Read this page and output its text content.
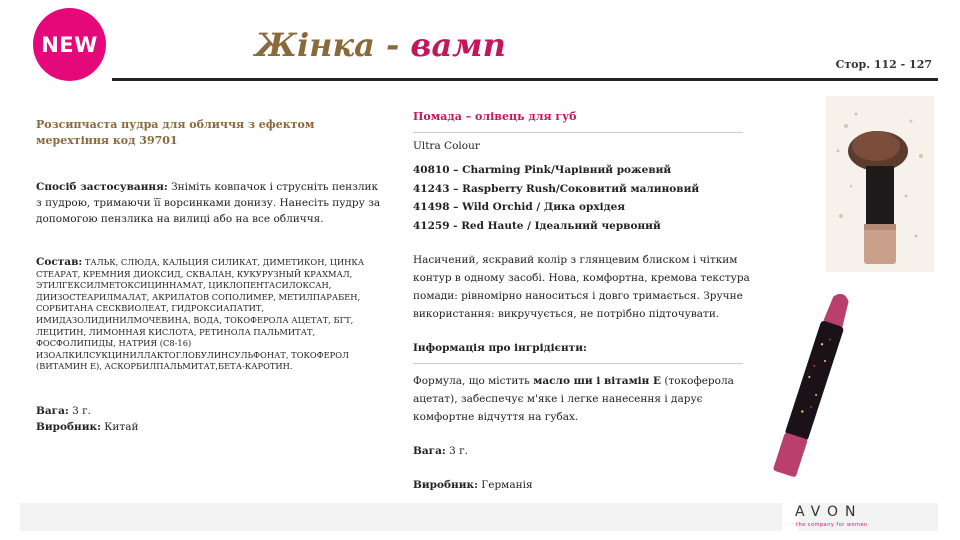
NEW	Жінка - вамп
Стор. 112 - 127
Розсипчаста пудра для обличчя з ефектом мерехтіння код 39701
Спосіб застосування: Зніміть ковпачок і струсніть пензлик з пудрою, тримаючи її ворсинками донизу. Нанесіть пудру за допомогою пензлика на вилиці або на все обличчя.
Состав: ТАЛЬК, СЛЮДА, КАЛЬЦИЯ СИЛИКАТ, ДИМЕТИКОН, ЦИНКА СТЕАРАТ, КРЕМНИЯ ДИОКСИД, СКВАЛАН, КУКУРУЗНЫЙ КРАХМАЛ, ЭТИЛГЕКСИЛМЕТОКСИЦИННАМАТ, ЦИКЛОПЕНТАСИЛОКСАН, ДИИЗОСТЕАРИЛМАЛАТ, АКРИЛАТОВ СОПОЛИМЕР, МЕТИЛПАРАБЕН, СОРБИТАНА СЕСКВИОЛЕАТ, ГИДРОКСИАПАТИТ, ИМИДАЗОЛИДИНИЛМОЧЕВИНА, ВОДА, ТОКОФЕРОЛА АЦЕТАТ, БГТ, ЛЕЦИТИН, ЛИМОННАЯ КИСЛОТА, РЕТИНОЛА ПАЛЬМИТАТ, ФОСФОЛИПИДЫ, НАТРИЯ (C8-16) ИЗОАЛКИЛСУКЦИНИЛЛАКТОГЛОБУЛИНСУЛЬФОНАТ, ТОКОФЕРОЛ (ВИТАМИН E), АСКОРБИЛПАЛЬМИТАТ,БЕТА-КАРОТИН.
Вага: 3 г.
Виробник: Китай
Помада – олівець для губ
Ultra Colour
40810 – Charming Pink/Чарівний рожевий
41243 – Raspberry Rush/Соковитий малиновий
41498 – Wild Orchid / Дика орхідея
41259 - Red Haute / Ідеальний червоний
Насичений, яскравий колір з глянцевим блиском і чітким контур в одному засобі. Нова, комфортна, кремова текстура помади: рівномірно наноситься і довго тримається. Зручне використання: викручується, не потрібно підточувати.
Інформація про інгрідієнти:
Формула, що містить масло ши і вітамін Е (токоферола ацетат), забеспечує м'яке і легке нанесення і дарує комфортне відчуття на губах.
Вага: 3 г.
Виробник: Германія
AVON
the company for women
